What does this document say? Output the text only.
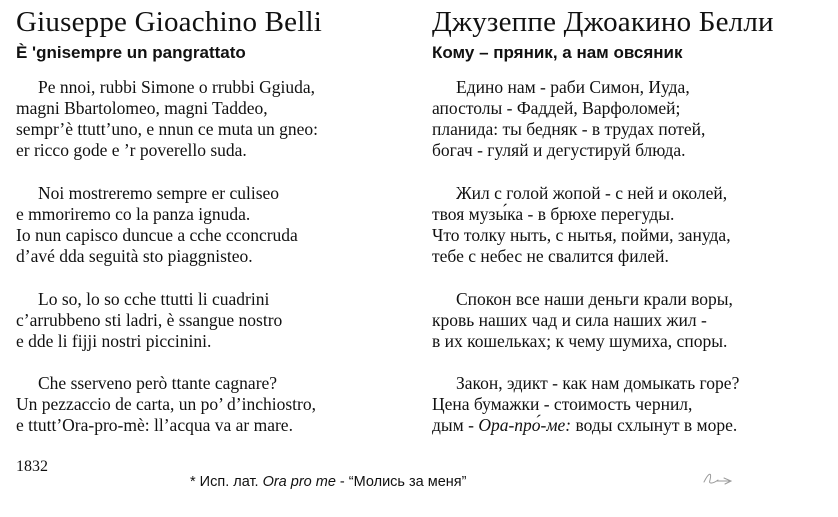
Giuseppe Gioachino Belli
È 'gnisempre un pangrattato
Pe nnoi, rubbi Simone o rrubbi Ggiuda,
magni Bbartolomeo, magni Taddeo,
sempr’è ttutt’uno, e nnun ce muta un gneo:
er ricco gode e ’r poverello suda.
Noi mostreremo sempre er culiseo
e mmoriremo co la panza ignuda.
Io nun capisco duncue a cche cconcruda
d’avé dda seguità sto piaggnisteo.
Lo so, lo so cche ttutti li cuadrini
c’arrubbeno sti ladri, è ssangue nostro
e dde li fijji nostri piccinini.
Che sserveno però ttante cagnare?
Un pezzaccio de carta, un po’ d’inchiostro,
e ttutt’Ora-pro-mè: ll’acqua va ar mare.
Джузеппе Джоакино Белли
Кому – пряник, а нам овсяник
Едино нам - раби Симон, Иуда,
апостолы - Фаддей, Варфоломей;
планида: ты бедняк - в трудах потей,
богач - гуляй и дегустируй блюда.
Жил с голой жопой - с ней и околей,
твоя музы́ка - в брюхе перегуды.
Что толку ныть, с нытья, пойми, зануда,
тебе с небес не свалится филей.
Спокон все наши деньги крали воры,
кровь наших чад и сила наших жил -
в их кошельках; к чему шумиха, споры.
Закон, эдикт - как нам домыкать горе?
Цена бумажки - стоимость чернил,
дым - Ора-про́-ме: воды схлынут в море.
1832
* Исп. лат. Ora pro me - “Молись за меня”
